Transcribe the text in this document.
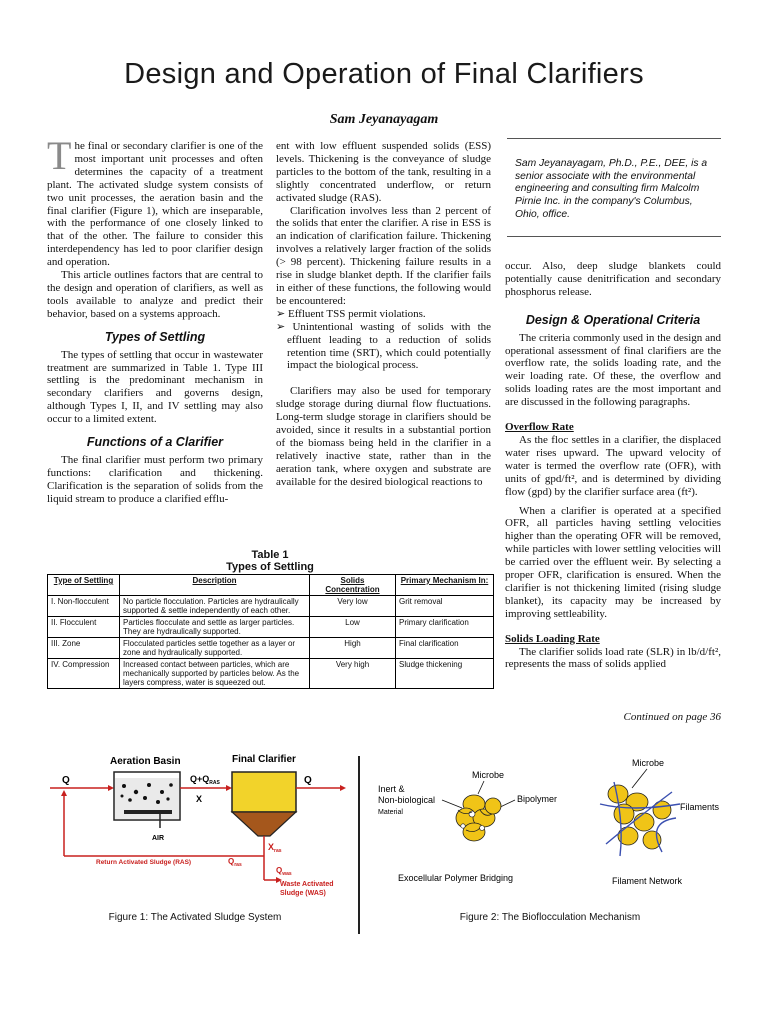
Design and Operation of Final Clarifiers
Sam Jeyanayagam

The final or secondary clarifier is one of the most important unit processes and often determines the capacity of a treatment plant. The activated sludge system consists of two unit processes, the aeration basin and the final clarifier (Figure 1), which are inseparable, with the performance of one closely linked to that of the other. The failure to consider this interdependency has led to poor clarifier design and operation.

This article outlines factors that are central to the design and operation of clarifiers, as well as tools available to analyze and predict their behavior, based on a systems approach.

Types of Settling

The types of settling that occur in wastewater treatment are summarized in Table 1. Type III settling is the predominant mechanism in secondary clarifiers and governs design, although Types I, II, and IV settling may also occur to a limited extent.

Functions of a Clarifier

The final clarifier must perform two primary functions: clarification and thickening. Clarification is the separation of solids from the liquid stream to produce a clarified efflu-

ent with low effluent suspended solids (ESS) levels. Thickening is the conveyance of sludge particles to the bottom of the tank, resulting in a slightly concentrated underflow, or return activated sludge (RAS).

Clarification involves less than 2 percent of the solids that enter the clarifier. A rise in ESS is an indication of clarification failure. Thickening involves a relatively larger fraction of the solids (> 98 percent). Thickening failure results in a rise in sludge blanket depth. If the clarifier fails in either of these functions, the following would be encountered:

➢ Effluent TSS permit violations.

➢ Unintentional wasting of solids with the effluent leading to a reduction of solids retention time (SRT), which could potentially impact the biological process.

Clarifiers may also be used for temporary sludge storage during diurnal flow fluctuations. Long-term sludge storage in clarifiers should be avoided, since it results in a substantial portion of the biomass being held in the clarifier in a relatively inactive state, rather than in the aeration tank, where oxygen and substrate are available for the desired biological reactions to

Sam Jeyanayagam, Ph.D., P.E., DEE, is a senior associate with the environmental engineering and consulting firm Malcolm Pirnie Inc. in the company's Columbus, Ohio, office.

occur. Also, deep sludge blankets could potentially cause denitrification and secondary phosphorus release.

Design & Operational Criteria

The criteria commonly used in the design and operational assessment of final clarifiers are the overflow rate, the solids loading rate, and the weir loading rate. Of these, the overflow and solids loading rates are the most important and are discussed in the following paragraphs.

Overflow Rate

As the floc settles in a clarifier, the displaced water rises upward. The upward velocity of water is termed the overflow rate (OFR), with units of gpd/ft², and is determined by dividing flow (gpd) by the clarifier surface area (ft²).

When a clarifier is operated at a specified OFR, all particles having settling velocities higher than the operating OFR will be removed, while particles with lower settling velocities will be carried over the effluent weir. By selecting a proper OFR, clarification is ensured. When the clarifier is not thickening limited (rising sludge blanket), its capacity may be increased by improving settleability.

Solids Loading Rate

The clarifier solids load rate (SLR) in lb/d/ft², represents the mass of solids applied

Continued on page 36
Table 1
Types of Settling
Type of Settling	Description	Solids Concentration	Primary Mechanism In:
I. Non-flocculent	No particle flocculation. Particles are hydraulically supported & settle independently of each other.	Very low	Grit removal
II. Flocculent	Particles flocculate and settle as larger particles. They are hydraulically supported.	Low	Primary clarification
III. Zone	Flocculated particles settle together as a layer or zone and hydraulically supported.	High	Final clarification
IV. Compression	Increased contact between particles, which are mechanically supported by particles below. As the layers compress, water is squeezed out.	Very high	Sludge thickening
Aeration Basin	Final Clarifier
Q
AIR
$Q+Q_{RAS}$
X
Q
$X_{ras}$
Return Activated Sludge (RAS)	$Q_{ras}$
$Q_{was}$
Waste Activated
Sludge (WAS)
Figure 1: The Activated Sludge System
Microbe
Inert &
Non-biological
Material
Bipolymer
Exocellular Polymer Bridging
Microbe
Filaments
Filament Network
Figure 2: The Bioflocculation Mechanism
